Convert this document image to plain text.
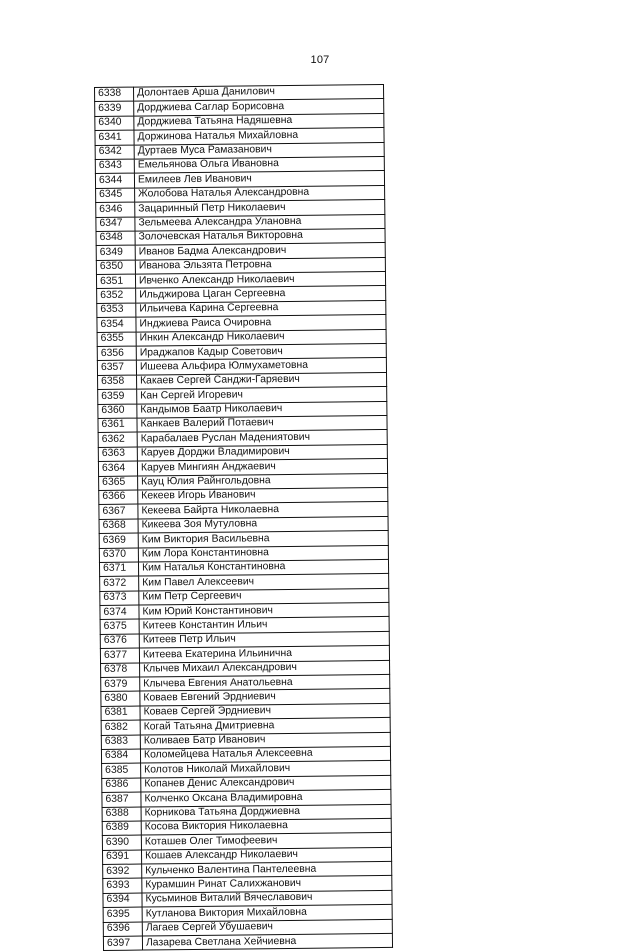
107
6338	Долонтаев Арша Данилович
6339	Дорджиева Саглар Борисовна
6340	Дорджиева Татьяна Надяшевна
6341	Доржинова Наталья Михайловна
6342	Дуртаев Муса Рамазанович
6343	Емельянова Ольга Ивановна
6344	Емилеев Лев Иванович
6345	Жолобова Наталья Александровна
6346	Зацаринный Петр Николаевич
6347	Зельмеева Александра Улановна
6348	Золочевская Наталья Викторовна
6349	Иванов Бадма Александрович
6350	Иванова Эльзята Петровна
6351	Ивченко Александр Николаевич
6352	Ильджирова Цаган Сергеевна
6353	Ильичева Карина Сергеевна
6354	Инджиева Раиса Очировна
6355	Инкин Александр Николаевич
6356	Ираджапов Кадыр Советович
6357	Ишеева Альфира Юлмухаметовна
6358	Какаев Сергей Санджи-Гаряевич
6359	Кан Сергей Игоревич
6360	Кандымов Баатр Николаевич
6361	Канкаев Валерий Потаевич
6362	Карабалаев Руслан Мадениятович
6363	Каруев Дорджи Владимирович
6364	Каруев Мингиян Анджаевич
6365	Кауц Юлия Райнгольдовна
6366	Кекеев Игорь Иванович
6367	Кекеева Байрта Николаевна
6368	Кикеева Зоя Мутуловна
6369	Ким Виктория Васильевна
6370	Ким Лора Константиновна
6371	Ким Наталья Константиновна
6372	Ким Павел Алексеевич
6373	Ким Петр Сергеевич
6374	Ким Юрий Константинович
6375	Китеев Константин Ильич
6376	Китеев Петр Ильич
6377	Китеева Екатерина Ильинична
6378	Клычев Михаил Александрович
6379	Клычева Евгения Анатольевна
6380	Коваев Евгений Эрдниевич
6381	Коваев Сергей Эрдниевич
6382	Когай Татьяна Дмитриевна
6383	Коливаев Батр Иванович
6384	Коломейцева Наталья Алексеевна
6385	Колотов Николай Михайлович
6386	Копанев Денис Александрович
6387	Колченко Оксана Владимировна
6388	Корникова Татьяна Дорджиевна
6389	Косова Виктория Николаевна
6390	Коташев Олег Тимофеевич
6391	Кошаев Александр Николаевич
6392	Кульченко Валентина Пантелеевна
6393	Курамшин Ринат Салихжанович
6394	Кусьминов Виталий Вячеславович
6395	Кутланова Виктория Михайловна
6396	Лагаев Сергей Убушаевич
6397	Лазарева Светлана Хейчиевна
